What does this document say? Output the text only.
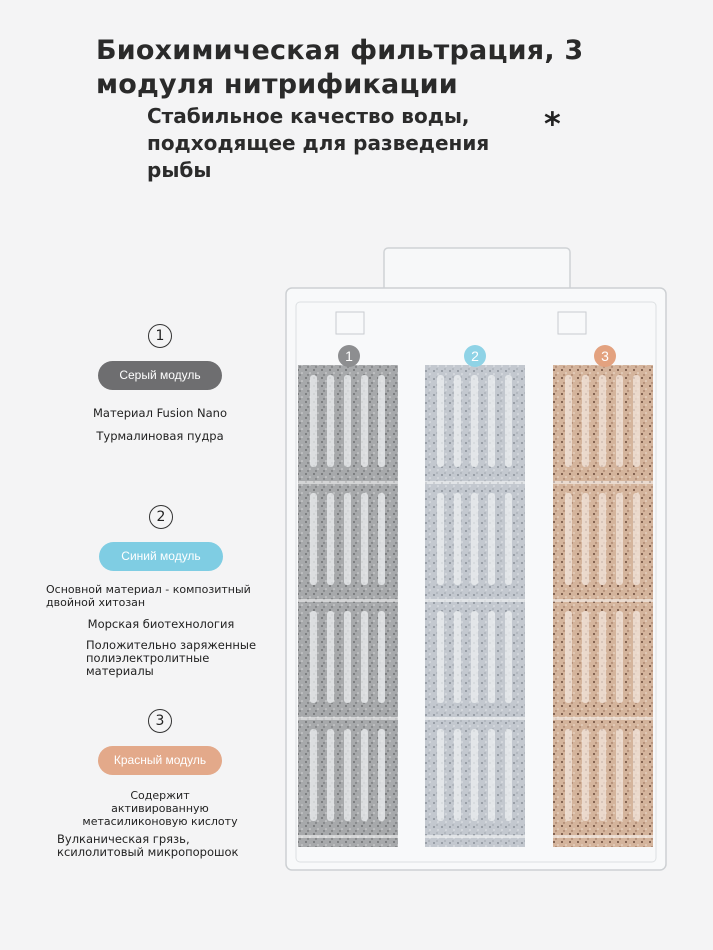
Биохимическая фильтрация, 3 модуля нитрификации
Стабильное качество воды, подходящее для разведения рыбы
*
1
Серый модуль
Материал Fusion Nano
Турмалиновая пудра
2
Синий модуль
Основной материал - композитный двойной хитозан
Морская биотехнология
Положительно заряженные полиэлектролитные материалы
3
Красный модуль
Содержит активированную метасиликоновую кислоту
Вулканическая грязь, ксилолитовый микропорошок
1	2	3
